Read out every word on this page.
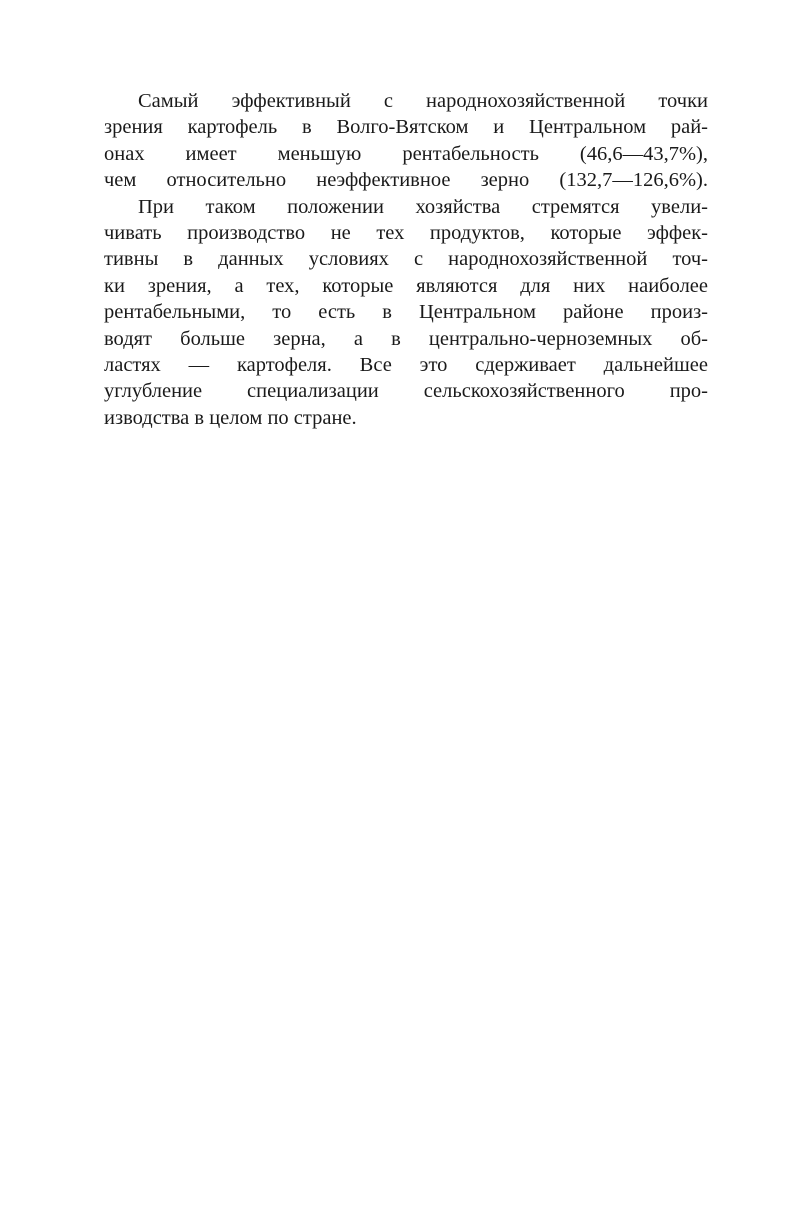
Самый эффективный с народнохозяйственной точки
зрения картофель в Волго-Вятском и Центральном рай-
онах имеет меньшую рентабельность (46,6—43,7%),
чем относительно неэффективное зерно (132,7—126,6%).
При таком положении хозяйства стремятся увели-
чивать производство не тех продуктов, которые эффек-
тивны в данных условиях с народнохозяйственной точ-
ки зрения, а тех, которые являются для них наиболее
рентабельными, то есть в Центральном районе произ-
водят больше зерна, а в центрально-черноземных об-
ластях — картофеля. Все это сдерживает дальнейшее
углубление специализации сельскохозяйственного про-
изводства в целом по стране.
